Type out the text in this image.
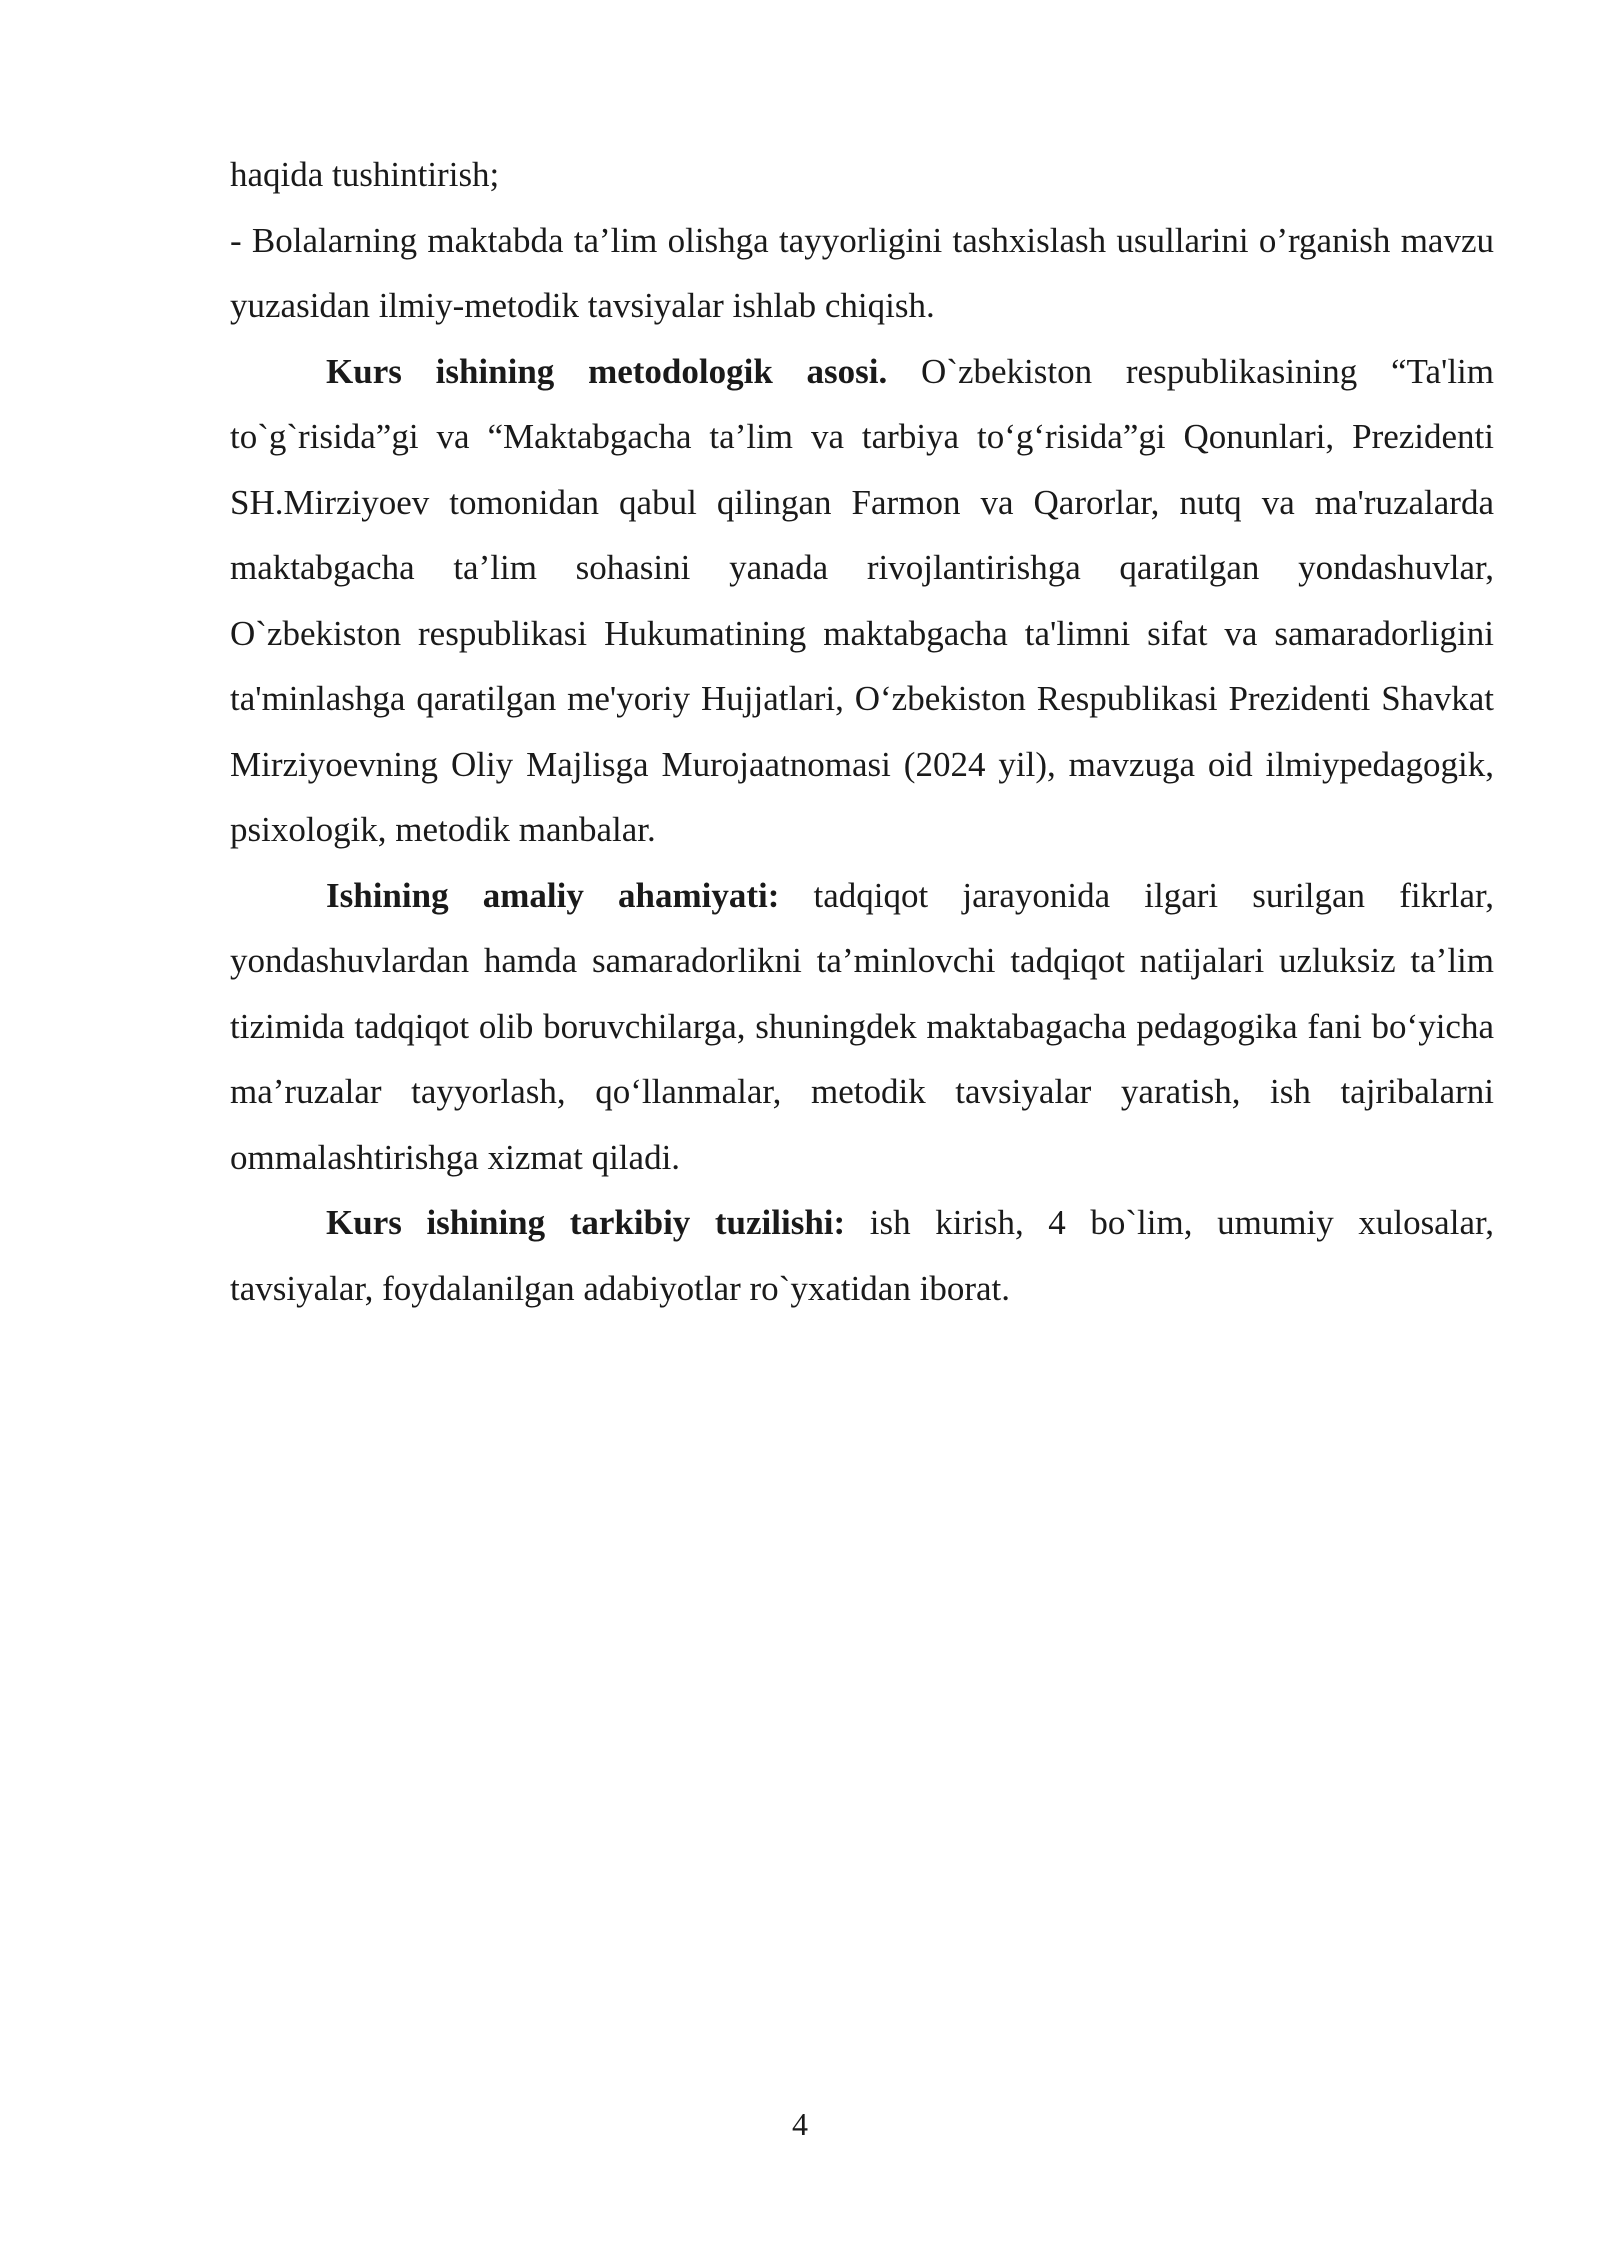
haqida tushintirish;

- Bolalarning maktabda ta’lim olishga tayyorligini tashxislash usullarini o’rganish mavzu yuzasidan ilmiy-metodik tavsiyalar ishlab chiqish.

Kurs ishining metodologik asosi. O`zbekiston respublikasining “Ta'lim to`g`risida”gi va “Maktabgacha ta’lim va tarbiya to‘g‘risida”gi Qonunlari, Prezidenti SH.Mirziyoev tomonidan qabul qilingan Farmon va Qarorlar, nutq va ma'ruzalarda maktabgacha ta’lim sohasini yanada rivojlantirishga qaratilgan yondashuvlar, O`zbekiston respublikasi Hukumatining maktabgacha ta'limni sifat va samaradorligini ta'minlashga qaratilgan me'yoriy Hujjatlari, O‘zbekiston Respublikasi Prezidenti Shavkat Mirziyoevning Oliy Majlisga Murojaatnomasi (2024 yil), mavzuga oid ilmiypedagogik, psixologik, metodik manbalar.

Ishining amaliy ahamiyati: tadqiqot jarayonida ilgari surilgan fikrlar, yondashuvlardan hamda samaradorlikni ta’minlovchi tadqiqot natijalari uzluksiz ta’lim tizimida tadqiqot olib boruvchilarga, shuningdek maktabagacha pedagogika fani bo‘yicha ma’ruzalar tayyorlash, qo‘llanmalar, metodik tavsiyalar yaratish, ish tajribalarni ommalashtirishga xizmat qiladi.

Kurs ishining tarkibiy tuzilishi: ish kirish, 4 bo`lim, umumiy xulosalar, tavsiyalar, foydalanilgan adabiyotlar ro`yxatidan iborat.

4
